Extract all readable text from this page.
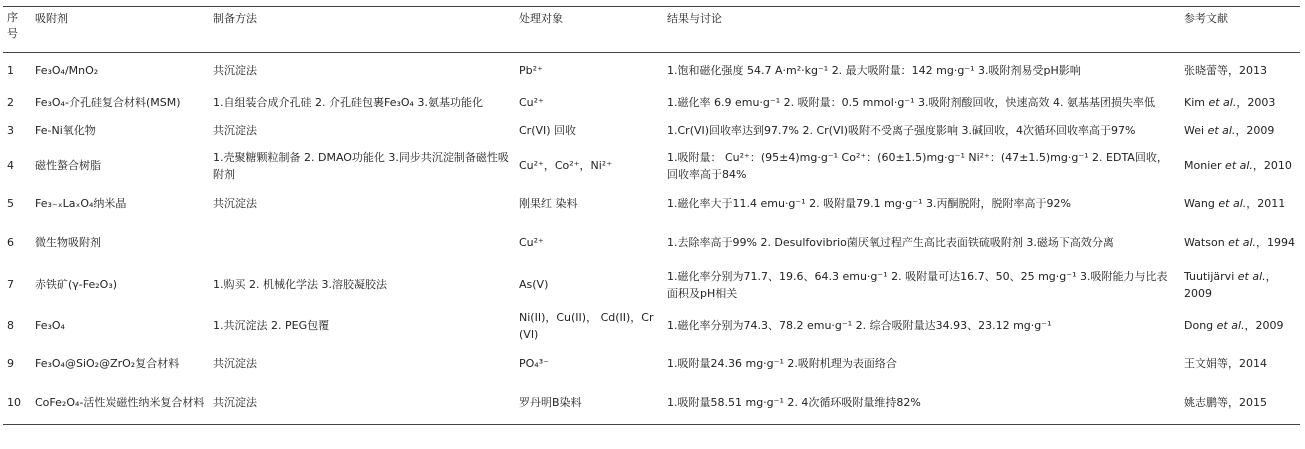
序
号	吸附剂	制备方法	处理对象	结果与讨论	参考文献
1	Fe₃O₄/MnO₂	共沉淀法	Pb²⁺	1.饱和磁化强度 54.7 A·m²·kg⁻¹ 2. 最大吸附量：142 mg·g⁻¹ 3.吸附剂易受pH影响	张晓蕾等，2013
2	Fe₃O₄-介孔硅复合材料(MSM)	1.自组装合成介孔硅 2. 介孔硅包裹Fe₃O₄ 3.氨基功能化	Cu²⁺	1.磁化率 6.9 emu·g⁻¹ 2. 吸附量：0.5 mmol·g⁻¹ 3.吸附剂酸回收，快速高效 4. 氨基基团损失率低	Kim et al.，2003
3	Fe-Ni氧化物	共沉淀法	Cr(VI) 回收	1.Cr(VI)回收率达到97.7% 2. Cr(VI)吸附不受离子强度影响 3.碱回收，4次循环回收率高于97%	Wei et al.，2009
4	磁性螯合树脂	1.壳聚糖颗粒制备 2. DMAO功能化 3.同步共沉淀制备磁性吸附剂	Cu²⁺，Co²⁺，Ni²⁺	1.吸附量： Cu²⁺：(95±4)mg·g⁻¹ Co²⁺：(60±1.5)mg·g⁻¹ Ni²⁺：(47±1.5)mg·g⁻¹ 2. EDTA回收，回收率高于84%	Monier et al.，2010
5	Fe₃₋ₓLaₓO₄纳米晶	共沉淀法	刚果红 染料	1.磁化率大于11.4 emu·g⁻¹ 2. 吸附量79.1 mg·g⁻¹ 3.丙酮脱附，脱附率高于92%	Wang et al.，2011
6	微生物吸附剂		Cu²⁺	1.去除率高于99% 2. Desulfovibrio菌厌氧过程产生高比表面铁硫吸附剂 3.磁场下高效分离	Watson et al.，1994
7	赤铁矿(γ-Fe₂O₃)	1.购买 2. 机械化学法 3.溶胶凝胶法	As(V)	1.磁化率分别为71.7、19.6、64.3 emu·g⁻¹ 2. 吸附量可达16.7、50、25 mg·g⁻¹ 3.吸附能力与比表面积及pH相关	Tuutijärvi et al.，2009
8	Fe₃O₄	1.共沉淀法 2. PEG包覆	Ni(II)，Cu(II)， Cd(II)，Cr (VI)	1.磁化率分别为74.3、78.2 emu·g⁻¹ 2. 综合吸附量达34.93、23.12 mg·g⁻¹	Dong et al.，2009
9	Fe₃O₄@SiO₂@ZrO₂复合材料	共沉淀法	PO₄³⁻	1.吸附量24.36 mg·g⁻¹ 2.吸附机理为表面络合	王文娟等，2014
10	CoFe₂O₄-活性炭磁性纳米复合材料	共沉淀法	罗丹明B染料	1.吸附量58.51 mg·g⁻¹ 2. 4次循环吸附量维持82%	姚志鹏等，2015
